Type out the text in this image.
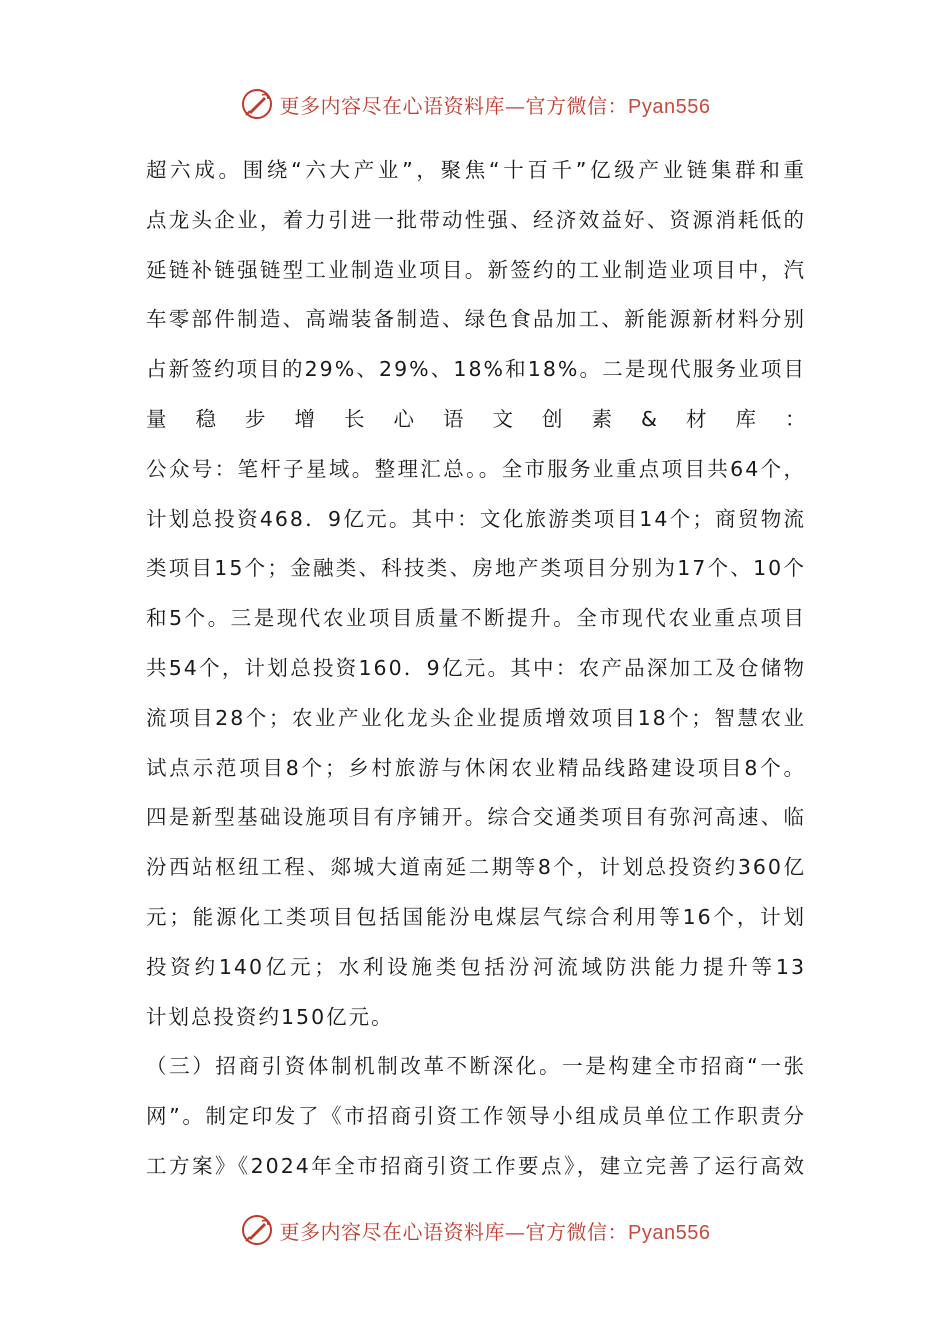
更多内容尽在心语资料库—官方微信：Pyan556
超六成。围绕“六大产业”，聚焦“十百千”亿级产业链集群和重
点龙头企业，着力引进一批带动性强、经济效益好、资源消耗低的
延链补链强链型工业制造业项目。新签约的工业制造业项目中，汽
车零部件制造、高端装备制造、绿色食品加工、新能源新材料分别
占新签约项目的29%、29%、18%和18%。二是现代服务业项目
量稳步增长心语文创素&材库：
公众号：笔杆子星域。整理汇总。。全市服务业重点项目共64个，
计划总投资468．9亿元。其中：文化旅游类项目14个；商贸物流
类项目15个；金融类、科技类、房地产类项目分别为17个、10个
和5个。三是现代农业项目质量不断提升。全市现代农业重点项目
共54个，计划总投资160．9亿元。其中：农产品深加工及仓储物
流项目28个；农业产业化龙头企业提质增效项目18个；智慧农业
试点示范项目8个；乡村旅游与休闲农业精品线路建设项目8个。
四是新型基础设施项目有序铺开。综合交通类项目有弥河高速、临
汾西站枢纽工程、郯城大道南延二期等8个，计划总投资约360亿
元；能源化工类项目包括国能汾电煤层气综合利用等16个，计划
投资约140亿元；水利设施类包括汾河流域防洪能力提升等13
计划总投资约150亿元。
（三）招商引资体制机制改革不断深化。一是构建全市招商“一张
网”。制定印发了《市招商引资工作领导小组成员单位工作职责分
工方案》《2024年全市招商引资工作要点》，建立完善了运行高效
更多内容尽在心语资料库—官方微信：Pyan556
